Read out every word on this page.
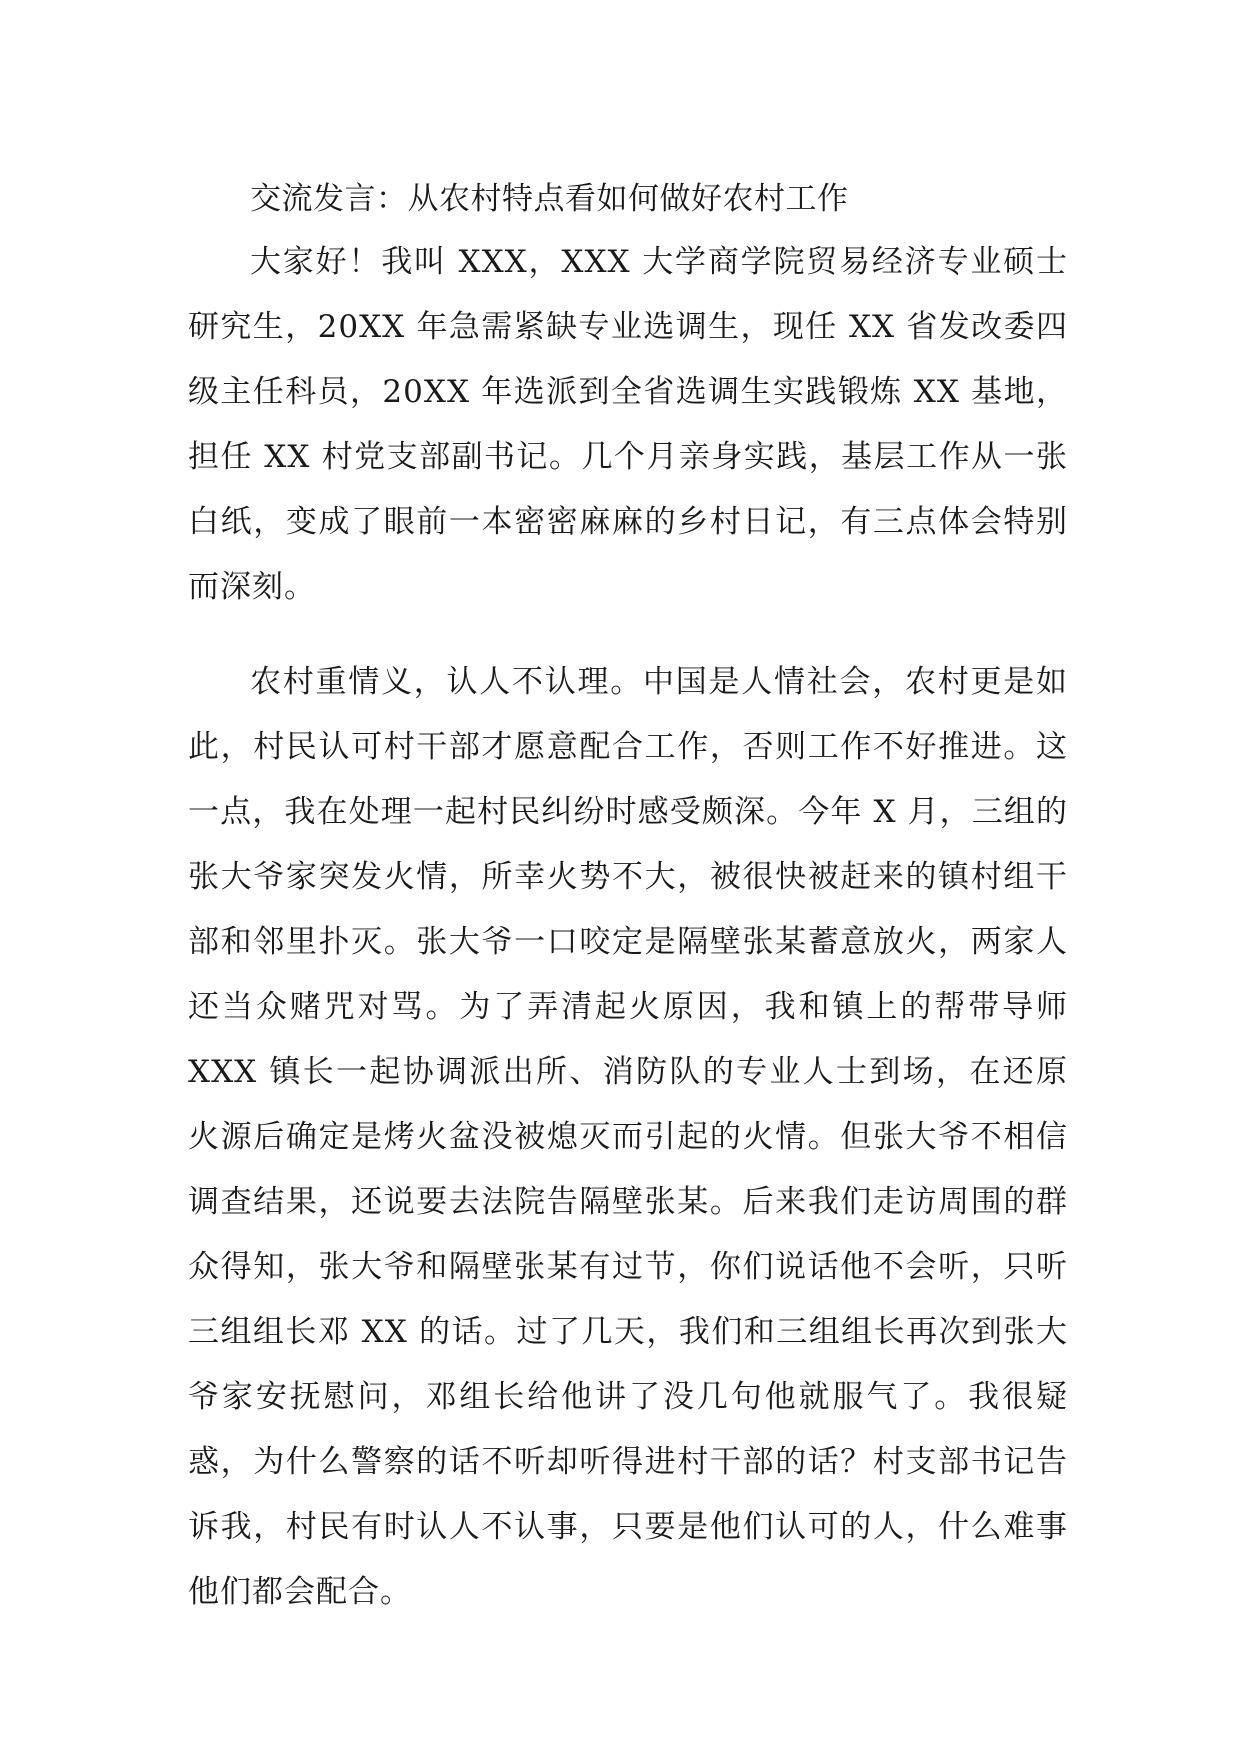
交流发言：从农村特点看如何做好农村工作

大家好！我叫 XXX，XXX 大学商学院贸易经济专业硕士研究生，20XX 年急需紧缺专业选调生，现任 XX 省发改委四级主任科员，20XX 年选派到全省选调生实践锻炼 XX 基地，担任 XX 村党支部副书记。几个月亲身实践，基层工作从一张白纸，变成了眼前一本密密麻麻的乡村日记，有三点体会特别而深刻。

农村重情义，认人不认理。中国是人情社会，农村更是如此，村民认可村干部才愿意配合工作，否则工作不好推进。这一点，我在处理一起村民纠纷时感受颇深。今年 X 月，三组的张大爷家突发火情，所幸火势不大，被很快被赶来的镇村组干部和邻里扑灭。张大爷一口咬定是隔壁张某蓄意放火，两家人还当众赌咒对骂。为了弄清起火原因，我和镇上的帮带导师 XXX 镇长一起协调派出所、消防队的专业人士到场，在还原火源后确定是烤火盆没被熄灭而引起的火情。但张大爷不相信调查结果，还说要去法院告隔壁张某。后来我们走访周围的群众得知，张大爷和隔壁张某有过节，你们说话他不会听，只听三组组长邓 XX 的话。过了几天，我们和三组组长再次到张大爷家安抚慰问，邓组长给他讲了没几句他就服气了。我很疑惑，为什么警察的话不听却听得进村干部的话？村支部书记告诉我，村民有时认人不认事，只要是他们认可的人，什么难事他们都会配合。
